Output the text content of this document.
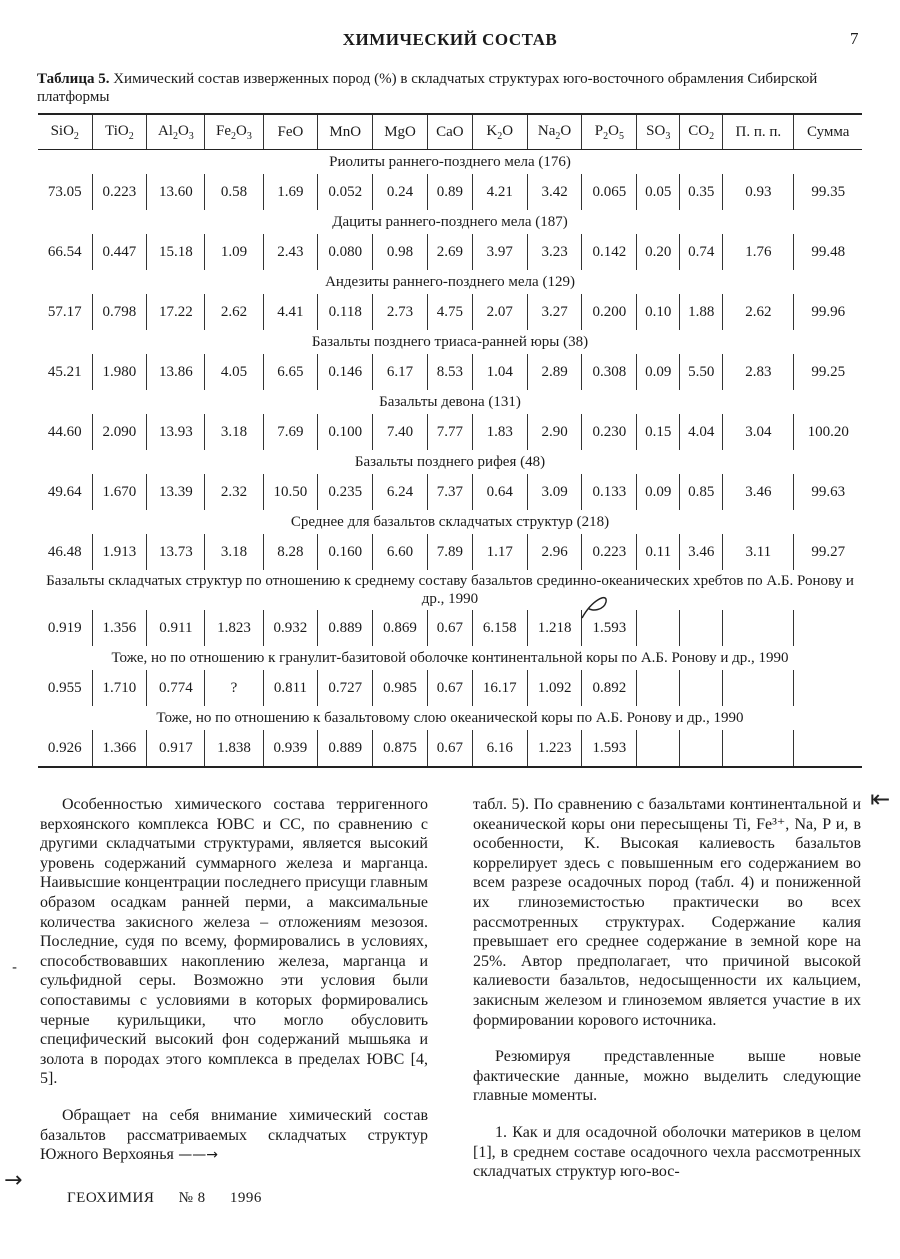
ХИМИЧЕСКИЙ СОСТАВ	7
Таблица 5. Химический состав изверженных пород (%) в складчатых структурах юго-восточного обрамления Сибирской платформы
SiO$_2$	TiO$_2$	$Al_2O_3$	$Fe_2O_3$	FeO	MnO	MgO	CaO	$K_2O$	$Na_2O$	$P_2O_5$	$SO_3$	$CO_2$	П. п. п.	Сумма
Риолиты раннего-позднего мела (176)														
73.05	0.223	13.60	0.58	1.69	0.052	0.24	0.89	4.21	3.42	0.065	0.05	0.35	0.93	99.35
Дациты раннего-позднего мела (187)														
66.54	0.447	15.18	1.09	2.43	0.080	0.98	2.69	3.97	3.23	0.142	0.20	0.74	1.76	99.48
Андезиты раннего-позднего мела (129)														
57.17	0.798	17.22	2.62	4.41	0.118	2.73	4.75	2.07	3.27	0.200	0.10	1.88	2.62	99.96
Базальты позднего триаса-ранней юры (38)														
45.21	1.980	13.86	4.05	6.65	0.146	6.17	8.53	1.04	2.89	0.308	0.09	5.50	2.83	99.25
Базальты девона (131)														
44.60	2.090	13.93	3.18	7.69	0.100	7.40	7.77	1.83	2.90	0.230	0.15	4.04	3.04	100.20
Базальты позднего рифея (48)														
49.64	1.670	13.39	2.32	10.50	0.235	6.24	7.37	0.64	3.09	0.133	0.09	0.85	3.46	99.63
Среднее для базальтов складчатых структур (218)														
46.48	1.913	13.73	3.18	8.28	0.160	6.60	7.89	1.17	2.96	0.223	0.11	3.46	3.11	99.27
Базальты складчатых структур по отношению к среднему составу базальтов срединно-океанических хребтов по А.Б. Ронову и др., 1990														
0.919	1.356	0.911	1.823	0.932	0.889	0.869	0.67	6.158	1.218	1.593				
Тоже, но по отношению к гранулит-базитовой оболочке континентальной коры по А.Б. Ронову и др., 1990														
0.955	1.710	0.774	?	0.811	0.727	0.985	0.67	16.17	1.092	0.892				
Тоже, но по отношению к базальтовому слою океанической коры по А.Б. Ронову и др., 1990														
0.926	1.366	0.917	1.838	0.939	0.889	0.875	0.67	6.16	1.223	1.593				

Особенностью химического состава терригенного верхоянского комплекса ЮВС и СС, по сравнению с другими складчатыми структурами, является высокий уровень содержаний суммарного железа и марганца. Наивысшие концентрации последнего присущи главным образом осадкам ранней перми, а максимальные количества закисного железа – отложениям мезозоя. Последние, судя по всему, формировались в условиях, способствовавших накоплению железа, марганца и сульфидной серы. Возможно эти условия были сопоставимы с условиями в которых формировались черные курильщики, что могло обусловить специфический высокий фон содержаний мышьяка и золота в породах этого комплекса в пределах ЮВС [4, 5].

Обращает на себя внимание химический состав базальтов рассматриваемых складчатых структур Южного Верхоянья ——→

табл. 5). По сравнению с базальтами континентальной и океанической коры они пересыщены Ti, Fe³⁺, Na, P и, в особенности, K. Высокая калиевость базальтов коррелирует здесь с повышенным его содержанием во всем разрезе осадочных пород (табл. 4) и пониженной их глиноземистостью практически во всех рассмотренных структурах. Содержание калия превышает его среднее содержание в земной коре на 25%. Автор предполагает, что причиной высокой калиевости базальтов, недосыщенности их кальцием, закисным железом и глиноземом является участие в их формировании корового источника.

Резюмируя представленные выше новые фактические данные, можно выделить следующие главные моменты.

1. Как и для осадочной оболочки материков в целом [1], в среднем составе осадочного чехла рассмотренных складчатых структур юго-вос-

ГЕОХИМИЯ № 8 1996
⇤
→
-
